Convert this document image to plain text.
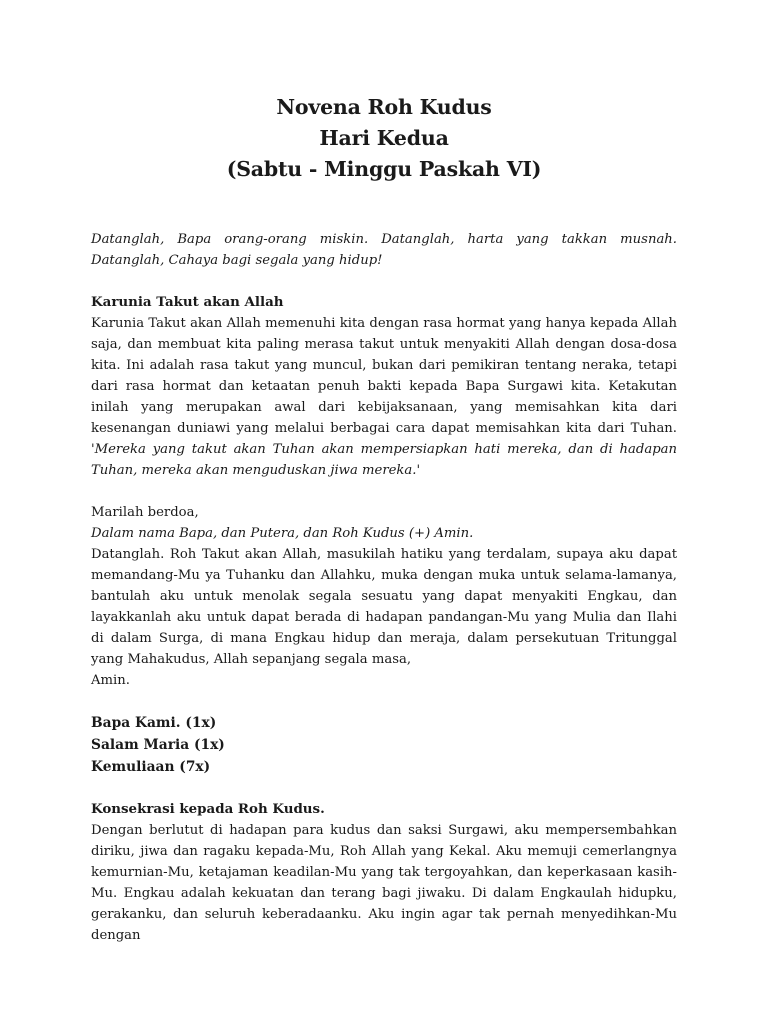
Novena Roh Kudus
Hari Kedua
(Sabtu - Minggu Paskah VI)

Datanglah, Bapa orang-orang miskin. Datanglah, harta yang takkan musnah. Datanglah, Cahaya bagi segala yang hidup!

Karunia Takut akan Allah

Karunia Takut akan Allah memenuhi kita dengan rasa hormat yang hanya kepada Allah saja, dan membuat kita paling merasa takut untuk menyakiti Allah dengan dosa-dosa kita. Ini adalah rasa takut yang muncul, bukan dari pemikiran tentang neraka, tetapi dari rasa hormat dan ketaatan penuh bakti kepada Bapa Surgawi kita. Ketakutan inilah yang merupakan awal dari kebijaksanaan, yang memisahkan kita dari kesenangan duniawi yang melalui berbagai cara dapat memisahkan kita dari Tuhan. 'Mereka yang takut akan Tuhan akan mempersiapkan hati mereka, dan di hadapan Tuhan, mereka akan menguduskan jiwa mereka.'

Marilah berdoa,

Dalam nama Bapa, dan Putera, dan Roh Kudus (+) Amin.

Datanglah. Roh Takut akan Allah, masukilah hatiku yang terdalam, supaya aku dapat memandang-Mu ya Tuhanku dan Allahku, muka dengan muka untuk selama-lamanya, bantulah aku untuk menolak segala sesuatu yang dapat menyakiti Engkau, dan layakkanlah aku untuk dapat berada di hadapan pandangan-Mu yang Mulia dan Ilahi di dalam Surga, di mana Engkau hidup dan meraja, dalam persekutuan Tritunggal yang Mahakudus, Allah sepanjang segala masa,

Amin.

Bapa Kami. (1x)

Salam Maria (1x)

Kemuliaan (7x)

Konsekrasi kepada Roh Kudus.

Dengan berlutut di hadapan para kudus dan saksi Surgawi, aku mempersembahkan diriku, jiwa dan ragaku kepada-Mu, Roh Allah yang Kekal. Aku memuji cemerlangnya kemurnian-Mu, ketajaman keadilan-Mu yang tak tergoyahkan, dan keperkasaan kasih-Mu. Engkau adalah kekuatan dan terang bagi jiwaku. Di dalam Engkaulah hidupku, gerakanku, dan seluruh keberadaanku. Aku ingin agar tak pernah menyedihkan-Mu dengan
